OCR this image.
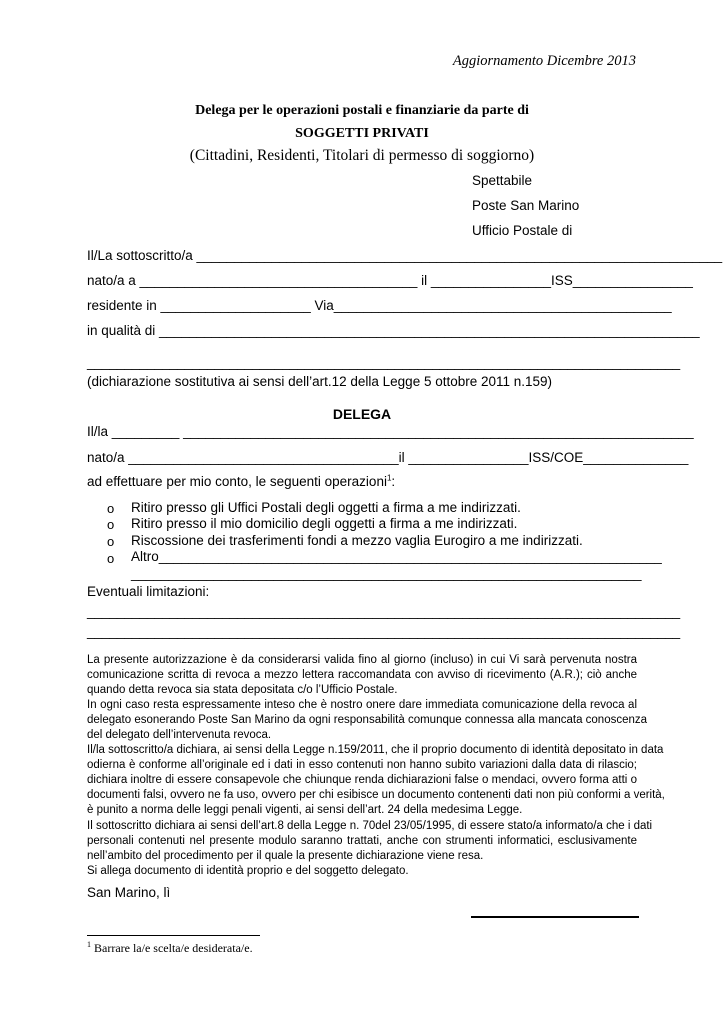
Aggiornamento Dicembre 2013
Delega per le operazioni postali e finanziarie da parte di
SOGGETTI PRIVATI
(Cittadini, Residenti, Titolari di permesso di soggiorno)
Spettabile
Poste San Marino
Ufficio Postale di
Il/La sottoscritto/a ______________________________________________________________________
nato/a a _____________________________________ il ________________ISS________________
residente in ____________________ Via_____________________________________________
in qualità di ________________________________________________________________________
_______________________________________________________________________________
(dichiarazione sostitutiva ai sensi dell’art.12 della Legge 5 ottobre 2011 n.159)
DELEGA
Il/la _________ ____________________________________________________________________
nato/a ____________________________________il ________________ISS/COE______________
ad effettuare per mio conto, le seguenti operazioni$^1$:
o Ritiro presso gli Uffici Postali degli oggetti a firma a me indirizzati.
o Ritiro presso il mio domicilio degli oggetti a firma a me indirizzati.
o Riscossione dei trasferimenti fondi a mezzo vaglia Eurogiro a me indirizzati.
o Altro___________________________________________________________________
____________________________________________________________________
Eventuali limitazioni:
_______________________________________________________________________________
_______________________________________________________________________________
La presente autorizzazione è da considerarsi valida fino al giorno (incluso) in cui Vi sarà pervenuta nostra
comunicazione scritta di revoca a mezzo lettera raccomandata con avviso di ricevimento (A.R.); ciò anche
quando detta revoca sia stata depositata c/o l’Ufficio Postale.
In ogni caso resta espressamente inteso che è nostro onere dare immediata comunicazione della revoca al
delegato esonerando Poste San Marino da ogni responsabilità comunque connessa alla mancata conoscenza
del delegato dell’intervenuta revoca.
Il/la sottoscritto/a dichiara, ai sensi della Legge n.159/2011, che il proprio documento di identità depositato in data
odierna è conforme all’originale ed i dati in esso contenuti non hanno subito variazioni dalla data di rilascio;
dichiara inoltre di essere consapevole che chiunque renda dichiarazioni false o mendaci, ovvero forma atti o
documenti falsi, ovvero ne fa uso, ovvero per chi esibisce un documento contenenti dati non più conformi a verità,
è punito a norma delle leggi penali vigenti, ai sensi dell’art. 24 della medesima Legge.
Il sottoscritto dichiara ai sensi dell’art.8 della Legge n. 70del 23/05/1995, di essere stato/a informato/a che i dati
personali contenuti nel presente modulo saranno trattati, anche con strumenti informatici, esclusivamente
nell’ambito del procedimento per il quale la presente dichiarazione viene resa.
Si allega documento di identità proprio e del soggetto delegato.
San Marino, lì
$^1$ Barrare la/e scelta/e desiderata/e.
